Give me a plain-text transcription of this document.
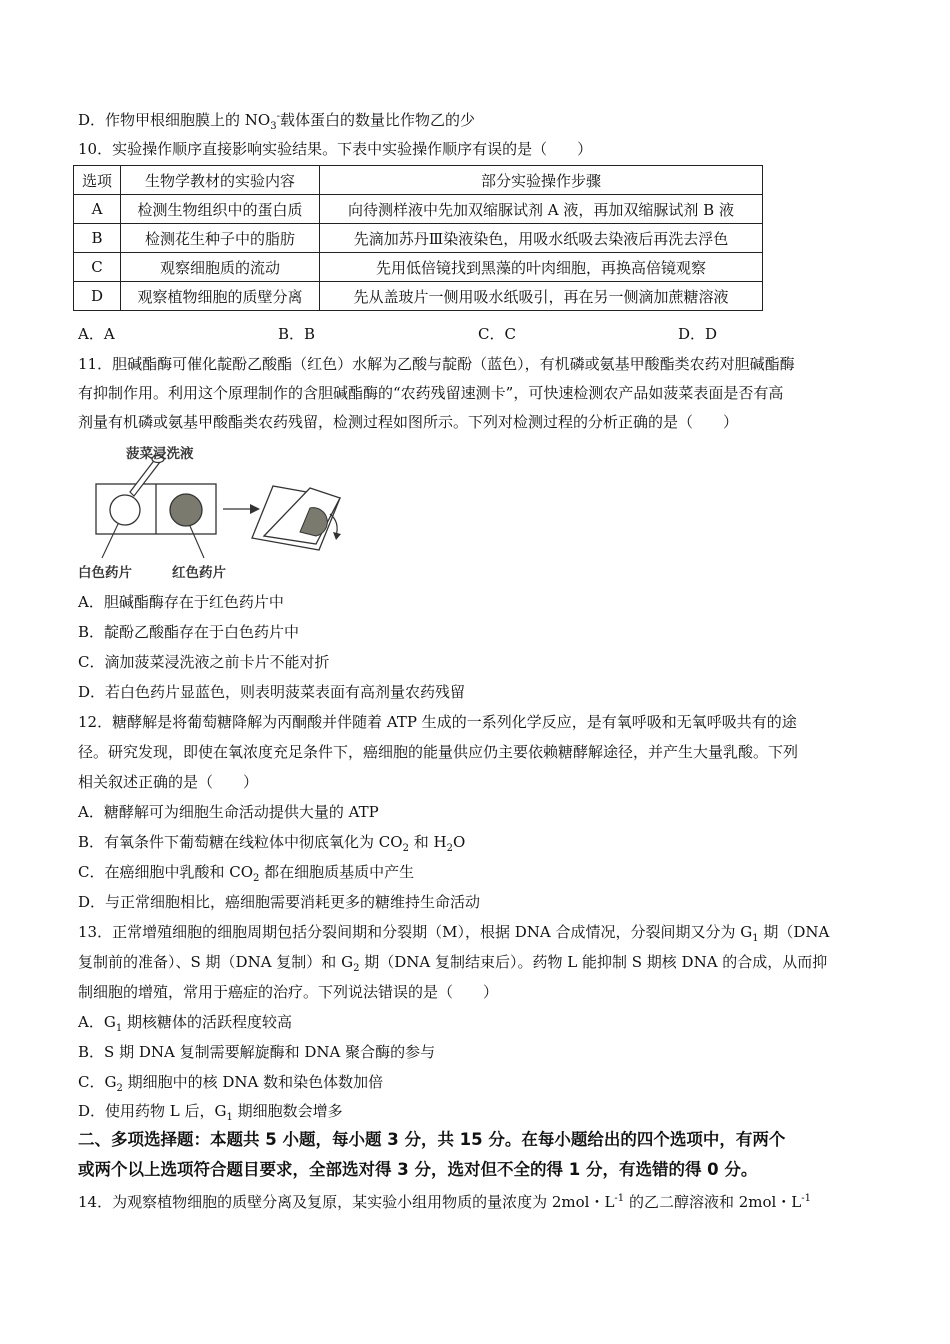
D．作物甲根细胞膜上的 $NO_3^-$载体蛋白的数量比作物乙的少
10．实验操作顺序直接影响实验结果。下表中实验操作顺序有误的是（　　）
选项	生物学教材的实验内容	部分实验操作步骤
A	检测生物组织中的蛋白质	向待测样液中先加双缩脲试剂 A 液，再加双缩脲试剂 B 液
B	检测花生种子中的脂肪	先滴加苏丹Ⅲ染液染色，用吸水纸吸去染液后再洗去浮色
C	观察细胞质的流动	先用低倍镜找到黑藻的叶肉细胞，再换高倍镜观察
D	观察植物细胞的质壁分离	先从盖玻片一侧用吸水纸吸引，再在另一侧滴加蔗糖溶液
A．A	B．B	C．C	D．D
11．胆碱酯酶可催化靛酚乙酸酯（红色）水解为乙酸与靛酚（蓝色），有机磷或氨基甲酸酯类农药对胆碱酯酶
有抑制作用。利用这个原理制作的含胆碱酯酶的“农药残留速测卡”，可快速检测农产品如菠菜表面是否有高
剂量有机磷或氨基甲酸酯类农药残留，检测过程如图所示。下列对检测过程的分析正确的是（　　）
菠菜浸洗液
白色药片	红色药片
A．胆碱酯酶存在于红色药片中
B．靛酚乙酸酯存在于白色药片中
C．滴加菠菜浸洗液之前卡片不能对折
D．若白色药片显蓝色，则表明菠菜表面有高剂量农药残留
12．糖酵解是将葡萄糖降解为丙酮酸并伴随着 ATP 生成的一系列化学反应，是有氧呼吸和无氧呼吸共有的途
径。研究发现，即使在氧浓度充足条件下，癌细胞的能量供应仍主要依赖糖酵解途径，并产生大量乳酸。下列
相关叙述正确的是（　　）
A．糖酵解可为细胞生命活动提供大量的 ATP
B．有氧条件下葡萄糖在线粒体中彻底氧化为 $CO_2$ 和 $H_2O$
C．在癌细胞中乳酸和 $CO_2$ 都在细胞质基质中产生
D．与正常细胞相比，癌细胞需要消耗更多的糖维持生命活动
13．正常增殖细胞的细胞周期包括分裂间期和分裂期（M），根据 DNA 合成情况，分裂间期又分为 $G_1$ 期（DNA
复制前的准备）、S 期（DNA 复制）和 $G_2$ 期（DNA 复制结束后）。药物 L 能抑制 S 期核 DNA 的合成，从而抑
制细胞的增殖，常用于癌症的治疗。下列说法错误的是（　　）
A．$G_1$ 期核糖体的活跃程度较高
B．S 期 DNA 复制需要解旋酶和 DNA 聚合酶的参与
C．$G_2$ 期细胞中的核 DNA 数和染色体数加倍
D．使用药物 L 后，$G_1$ 期细胞数会增多
二、多项选择题：本题共 5 小题，每小题 3 分，共 15 分。在每小题给出的四个选项中，有两个
或两个以上选项符合题目要求，全部选对得 3 分，选对但不全的得 1 分，有选错的得 0 分。
14．为观察植物细胞的质壁分离及复原，某实验小组用物质的量浓度为 2mol・$L^{-1}$ 的乙二醇溶液和 2mol・$L^{-1}$
